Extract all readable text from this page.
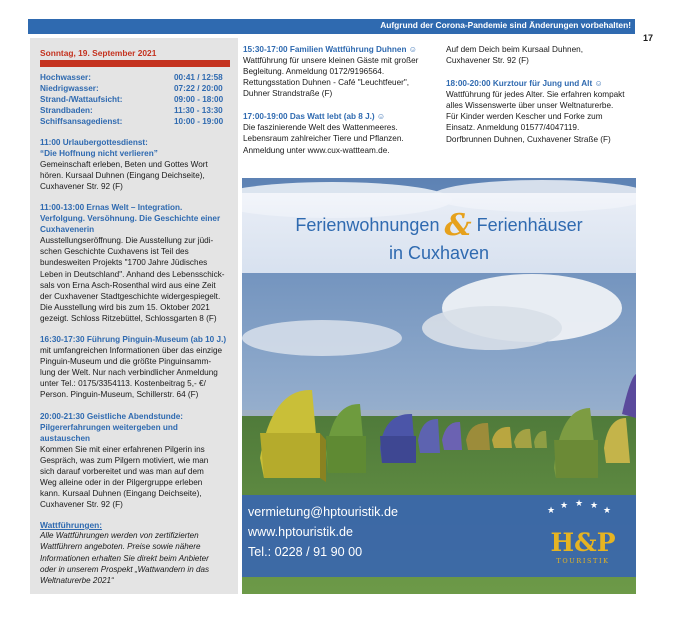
Aufgrund der Corona-Pandemie sind Änderungen vorbehalten!
17
Sonntag, 19. September 2021
Hochwasser:	00:41 / 12:58
Niedrigwasser:	07:22 / 20:00
Strand-/Wattaufsicht:	09:00 - 18:00
Strandbaden:	11:30 - 13:30
Schiffsansagedienst:	10:00 - 19:00
11:00 Urlaubergottesdienst:
“Die Hoffnung nicht verlieren”
Gemeinschaft erleben, Beten und Gottes Wort
hören. Kursaal Duhnen (Eingang Deichseite),
Cuxhavener Str. 92 (F)
11:00-13:00 Ernas Welt – Integration.
Verfolgung. Versöhnung. Die Geschichte einer
Cuxhavenerin
Ausstellungseröffnung. Die Ausstellung zur jüdi-
schen Geschichte Cuxhavens ist Teil des
bundesweiten Projekts "1700 Jahre Jüdisches
Leben in Deutschland". Anhand des Lebensschick-
sals von Erna Asch-Rosenthal wird aus eine Zeit
der Cuxhavener Stadtgeschichte widergespiegelt.
Die Ausstellung wird bis zum 15. Oktober 2021
gezeigt. Schloss Ritzebüttel, Schlossgarten 8 (F)
16:30-17:30 Führung Pinguin-Museum (ab 10 J.)
mit umfangreichen Informationen über das einzige
Pinguin-Museum und die größte Pinguinsamm-
lung der Welt. Nur nach verbindlicher Anmeldung
unter Tel.: 0175/3354113. Kostenbeitrag 5,- €/
Person. Pinguin-Museum, Schillerstr. 64 (F)
20:00-21:30 Geistliche Abendstunde:
Pilgererfahrungen weitergeben und austauschen
Kommen Sie mit einer erfahrenen Pilgerin ins
Gespräch, was zum Pilgern motiviert, wie man
sich darauf vorbereitet und was man auf dem
Weg alleine oder in der Pilgergruppe erleben
kann. Kursaal Duhnen (Eingang Deichseite),
Cuxhavener Str. 92 (F)
Wattführungen:
Alle Wattführungen werden von zertifizierten
Wattführern angeboten. Preise sowie nähere
Informationen erhalten Sie direkt beim Anbieter
oder in unserem Prospekt „Wattwandern in das
Weltnaturerbe 2021“
15:30-17:00 Familien Wattführung Duhnen ☺
Wattführung für unsere kleinen Gäste mit großer
Begleitung. Anmeldung 0172/9196564.
Rettungsstation Duhnen - Café "Leuchtfeuer",
Duhner Strandstraße (F)
17:00-19:00 Das Watt lebt (ab 8 J.) ☺
Die faszinierende Welt des Wattenmeeres.
Lebensraum zahlreicher Tiere und Pflanzen.
Anmeldung unter www.cux-wattteam.de.
Auf dem Deich beim Kursaal Duhnen,
Cuxhavener Str. 92 (F)
18:00-20:00 Kurztour für Jung und Alt ☺
Wattführung für jedes Alter. Sie erfahren kompakt
alles Wissenswerte über unser Weltnaturerbe.
Für Kinder werden Kescher und Forke zum
Einsatz. Anmeldung 01577/4047119.
Dorfbrunnen Duhnen, Cuxhavener Straße (F)
★ ★ ★ ★ ★
Ferienwohnungen & Ferienhäuser
in Cuxhaven
vermietung@hptouristik.de
www.hptouristik.de
Tel.: 0228 / 91 90 00	H&P
TOURISTIK
